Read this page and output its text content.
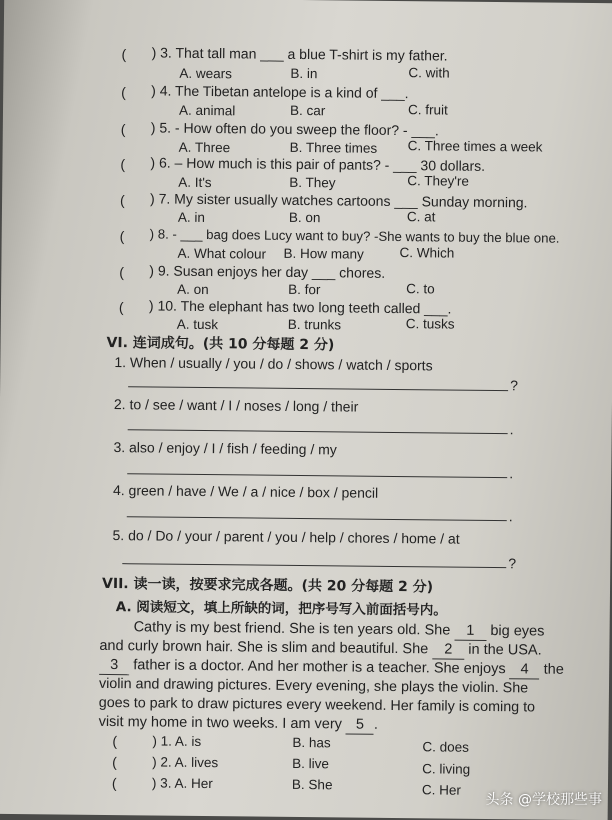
( ) 3. That tall man ___ a blue T-shirt is my father.
A. wears	B. in	C. with
( ) 4. The Tibetan antelope is a kind of ___.
A. animal	B. car	C. fruit
( ) 5. - How often do you sweep the floor? - ___.
A. Three	B. Three times C. Three times a week
( ) 6. – How much is this pair of pants? - ___ 30 dollars.
A. It's	B. They	C. They're
( ) 7. My sister usually watches cartoons ___ Sunday morning.
A. in	B. on	C. at
( ) 8. - ___ bag does Lucy want to buy? -She wants to buy the blue one.
A. What colour B. How many	C. Which
( ) 9. Susan enjoys her day ___ chores.
A. on	B. for	C. to
( ) 10. The elephant has two long teeth called ___.
A. tusk	B. trunks	C. tusks
VI. 连词成句。(共 10 分每题 2 分)
1. When / usually / you / do / shows / watch / sports
?
2. to / see / want / I / noses / long / their
.
3. also / enjoy / I / fish / feeding / my
.
4. green / have / We / a / nice / box / pencil
.
5. do / Do / your / parent / you / help / chores / home / at
?
VII. 读一读，按要求完成各题。(共 20 分每题 2 分)
A. 阅读短文，填上所缺的词，把序号写入前面括号内。
Cathy is my best friend. She is ten years old. She 1 big eyes
and curly brown hair. She is slim and beautiful. She 2 in the USA.
3 father is a doctor. And her mother is a teacher. She enjoys 4 the
violin and drawing pictures. Every evening, she plays the violin. She
goes to park to draw pictures every weekend. Her family is coming to
visit my home in two weeks. I am very 5 .
(	) 1. A. is	B. has	C. does
(	) 2. A. lives	B. live	C. living
(	) 3. A. Her	B. She	C. Her
头条 @学校那些事
